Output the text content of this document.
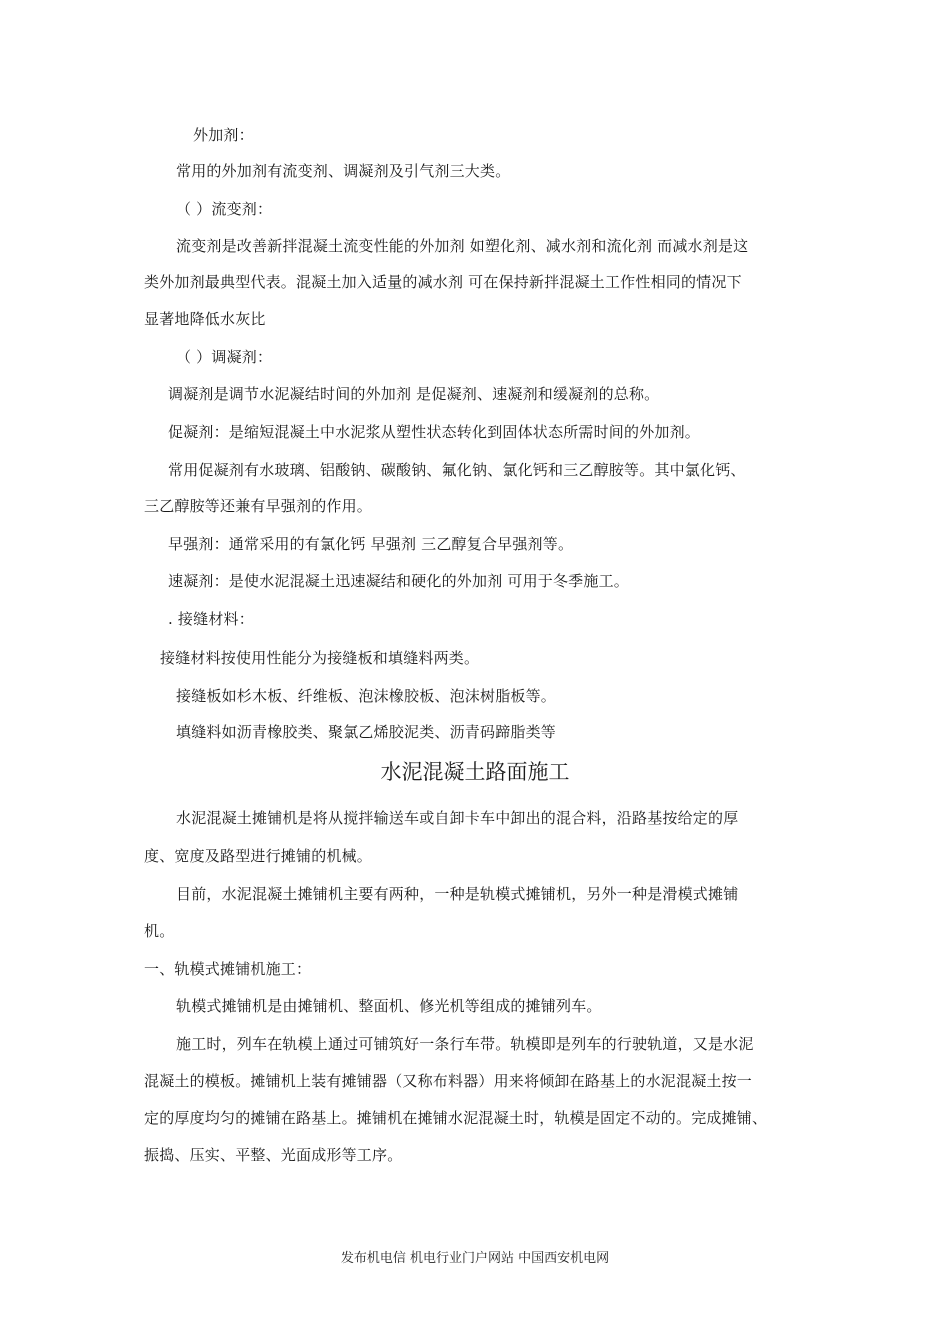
外加剂：
常用的外加剂有流变剂、调凝剂及引气剂三大类。
（ ）流变剂：
流变剂是改善新拌混凝土流变性能的外加剂 如塑化剂、减水剂和流化剂 而减水剂是这
类外加剂最典型代表。混凝土加入适量的减水剂 可在保持新拌混凝土工作性相同的情况下
显著地降低水灰比
（ ）调凝剂：
调凝剂是调节水泥凝结时间的外加剂 是促凝剂、速凝剂和缓凝剂的总称。
促凝剂：是缩短混凝土中水泥浆从塑性状态转化到固体状态所需时间的外加剂。
常用促凝剂有水玻璃、铝酸钠、碳酸钠、氟化钠、氯化钙和三乙醇胺等。其中氯化钙、
三乙醇胺等还兼有早强剂的作用。
早强剂：通常采用的有氯化钙 早强剂 三乙醇复合早强剂等。
速凝剂：是使水泥混凝土迅速凝结和硬化的外加剂 可用于冬季施工。
. 接缝材料：
接缝材料按使用性能分为接缝板和填缝料两类。
接缝板如杉木板、纤维板、泡沫橡胶板、泡沫树脂板等。
填缝料如沥青橡胶类、聚氯乙烯胶泥类、沥青码蹄脂类等
水泥混凝土路面施工
水泥混凝土摊铺机是将从搅拌输送车或自卸卡车中卸出的混合料，沿路基按给定的厚
度、宽度及路型进行摊铺的机械。
目前，水泥混凝土摊铺机主要有两种，一种是轨模式摊铺机，另外一种是滑模式摊铺
机。
一、轨模式摊铺机施工：
轨模式摊铺机是由摊铺机、整面机、修光机等组成的摊铺列车。
施工时，列车在轨模上通过可铺筑好一条行车带。轨模即是列车的行驶轨道，又是水泥
混凝土的模板。摊铺机上装有摊铺器（又称布料器）用来将倾卸在路基上的水泥混凝土按一
定的厚度均匀的摊铺在路基上。摊铺机在摊铺水泥混凝土时，轨模是固定不动的。完成摊铺、
振捣、压实、平整、光面成形等工序。
发布机电信 机电行业门户网站 中国西安机电网
